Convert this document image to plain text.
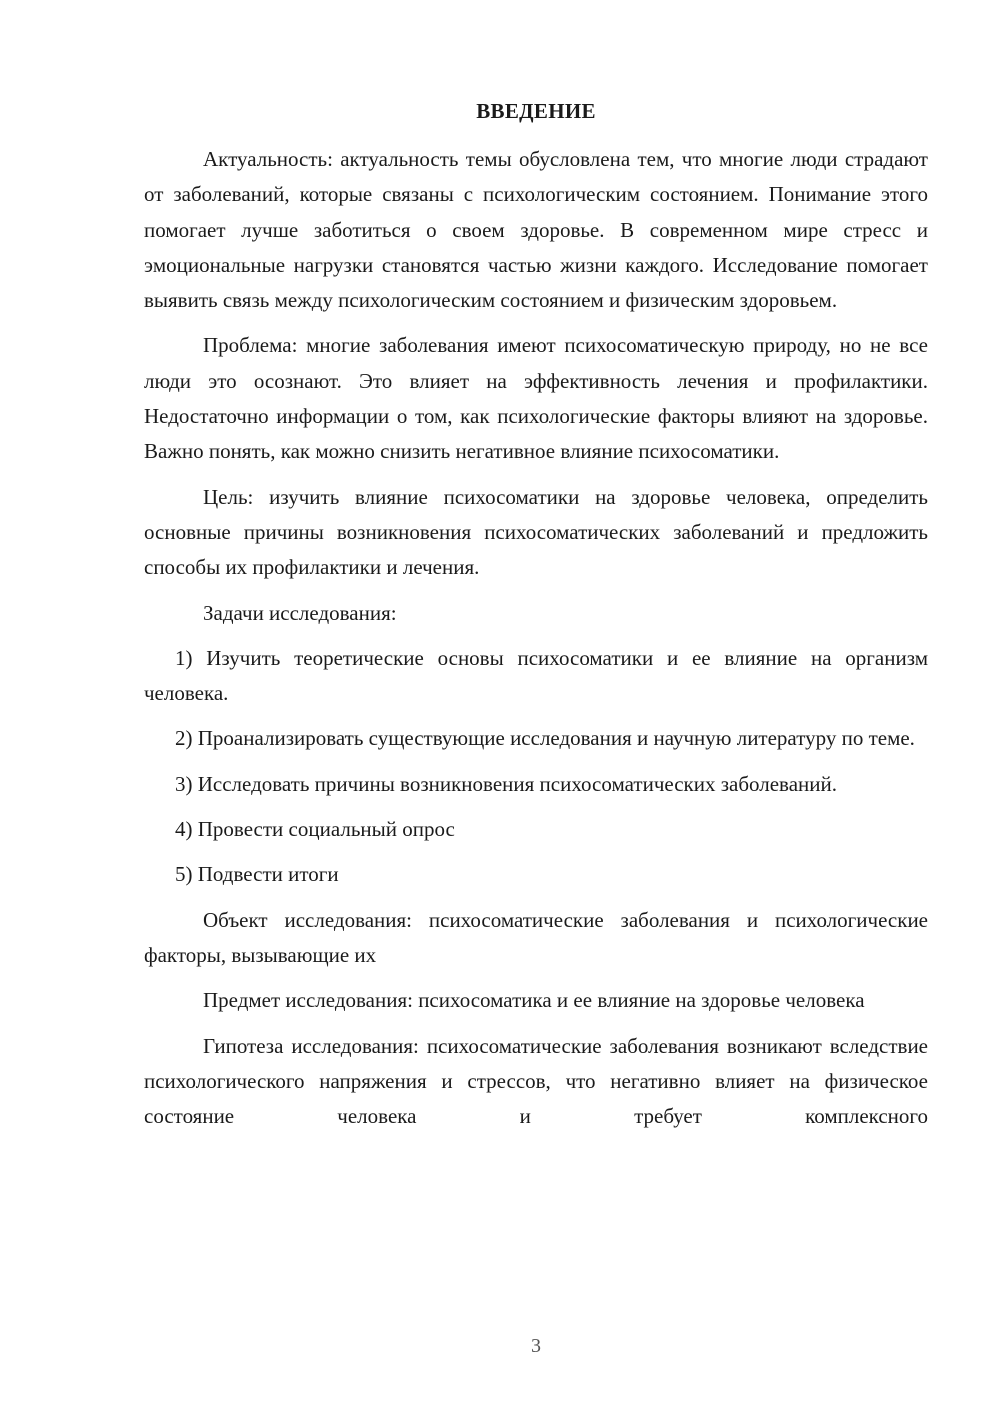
ВВЕДЕНИЕ

Актуальность: актуальность темы обусловлена тем, что многие люди страдают от заболеваний, которые связаны с психологическим состоянием. Понимание этого помогает лучше заботиться о своем здоровье. В современном мире стресс и эмоциональные нагрузки становятся частью жизни каждого. Исследование помогает выявить связь между психологическим состоянием и физическим здоровьем.

Проблема: многие заболевания имеют психосоматическую природу, но не все люди это осознают. Это влияет на эффективность лечения и профилактики. Недостаточно информации о том, как психологические факторы влияют на здоровье. Важно понять, как можно снизить негативное влияние психосоматики.

Цель: изучить влияние психосоматики на здоровье человека, определить основные причины возникновения психосоматических заболеваний и предложить способы их профилактики и лечения.

Задачи исследования:

1) Изучить теоретические основы психосоматики и ее влияние на организм человека.

2) Проанализировать существующие исследования и научную литературу по теме.

3) Исследовать причины возникновения психосоматических заболеваний.

4) Провести социальный опрос

5) Подвести итоги

Объект исследования: психосоматические заболевания и психологические факторы, вызывающие их

Предмет исследования: психосоматика и ее влияние на здоровье человека

Гипотеза исследования: психосоматические заболевания возникают вследствие психологического напряжения и стрессов, что негативно влияет на физическое состояние человека и требует комплексного

3
